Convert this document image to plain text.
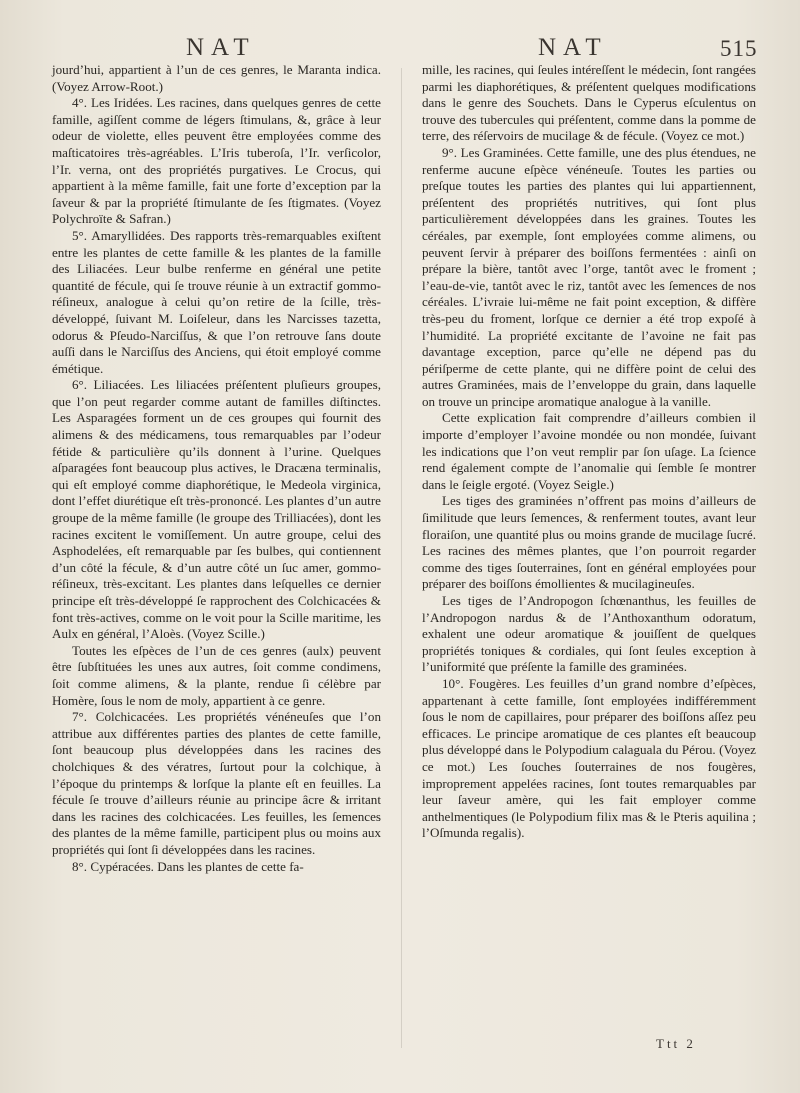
NAT	NAT	515

jourd’hui, appartient à l’un de ces genres, le Maranta indica. (Voyez Arrow-Root.)

4°. Les Iridées. Les racines, dans quelques genres de cette famille, agiſſent comme de légers ſtimulans, &, grâce à leur odeur de violette, elles peuvent être employées comme des maſticatoires très-agréables. L’Iris tuberoſa, l’Ir. verſicolor, l’Ir. verna, ont des propriétés purgatives. Le Crocus, qui appartient à la même famille, fait une forte d’exception par la ſaveur & par la propriété ſtimulante de ſes ſtigmates. (Voyez Polychroïte & Safran.)

5°. Amaryllidées. Des rapports très-remarquables exiſtent entre les plantes de cette famille & les plantes de la famille des Liliacées. Leur bulbe renferme en général une petite quantité de fécule, qui ſe trouve réunie à un extractif gommo-réſineux, analogue à celui qu’on retire de la ſcille, très-développé, ſuivant M. Loiſeleur, dans les Narcisses tazetta, odorus & Pſeudo-Narciſſus, & que l’on retrouve ſans doute auſſi dans le Narciſſus des Anciens, qui étoit employé comme émétique.

6°. Liliacées. Les liliacées préſentent pluſieurs groupes, que l’on peut regarder comme autant de familles diſtinctes. Les Asparagées forment un de ces groupes qui fournit des alimens & des médicamens, tous remarquables par l’odeur fétide & particulière qu’ils donnent à l’urine. Quelques aſparagées font beaucoup plus actives, le Dracæna terminalis, qui eſt employé comme diaphorétique, le Medeola virginica, dont l’effet diurétique eſt très-prononcé. Les plantes d’un autre groupe de la même famille (le groupe des Trilliacées), dont les racines excitent le vomiſſement. Un autre groupe, celui des Asphodelées, eſt remarquable par ſes bulbes, qui contiennent d’un côté la fécule, & d’un autre côté un ſuc amer, gommo-réſineux, très-excitant. Les plantes dans leſquelles ce dernier principe eſt très-développé ſe rapprochent des Colchicacées & font très-actives, comme on le voit pour la Scille maritime, les Aulx en général, l’Aloès. (Voyez Scille.)

Toutes les eſpèces de l’un de ces genres (aulx) peuvent être ſubſtituées les unes aux autres, ſoit comme condimens, ſoit comme alimens, & la plante, rendue ſi célèbre par Homère, ſous le nom de moly, appartient à ce genre.

7°. Colchicacées. Les propriétés vénéneuſes que l’on attribue aux différentes parties des plantes de cette famille, ſont beaucoup plus développées dans les racines des cholchiques & des vératres, ſurtout pour la colchique, à l’époque du printemps & lorſque la plante eſt en feuilles. La fécule ſe trouve d’ailleurs réunie au principe âcre & irritant dans les racines des colchicacées. Les feuilles, les ſemences des plantes de la même famille, participent plus ou moins aux propriétés qui ſont ſi développées dans les racines.

8°. Cypéracées. Dans les plantes de cette fa-

mille, les racines, qui ſeules intéreſſent le médecin, ſont rangées parmi les diaphorétiques, & préſentent quelques modifications dans le genre des Souchets. Dans le Cyperus eſculentus on trouve des tubercules qui préſentent, comme dans la pomme de terre, des réſervoirs de mucilage & de fécule. (Voyez ce mot.)

9°. Les Graminées. Cette famille, une des plus étendues, ne renferme aucune eſpèce vénéneuſe. Toutes les parties ou preſque toutes les parties des plantes qui lui appartiennent, préſentent des propriétés nutritives, qui ſont plus particulièrement développées dans les graines. Toutes les céréales, par exemple, ſont employées comme alimens, ou peuvent ſervir à préparer des boiſſons fermentées : ainſi on prépare la bière, tantôt avec l’orge, tantôt avec le froment ; l’eau-de-vie, tantôt avec le riz, tantôt avec les ſemences de nos céréales. L’ivraie lui-même ne fait point exception, & diffère très-peu du froment, lorſque ce dernier a été trop expoſé à l’humidité. La propriété excitante de l’avoine ne fait pas davantage exception, parce qu’elle ne dépend pas du périſperme de cette plante, qui ne diffère point de celui des autres Graminées, mais de l’enveloppe du grain, dans laquelle on trouve un principe aromatique analogue à la vanille.

Cette explication fait comprendre d’ailleurs combien il importe d’employer l’avoine mondée ou non mondée, ſuivant les indications que l’on veut remplir par ſon uſage. La ſcience rend également compte de l’anomalie qui ſemble ſe montrer dans le ſeigle ergoté. (Voyez Seigle.)

Les tiges des graminées n’offrent pas moins d’ailleurs de ſimilitude que leurs ſemences, & renferment toutes, avant leur floraiſon, une quantité plus ou moins grande de mucilage ſucré. Les racines des mêmes plantes, que l’on pourroit regarder comme des tiges ſouterraines, ſont en général employées pour préparer des boiſſons émollientes & mucilagineuſes.

Les tiges de l’Andropogon ſchœnanthus, les feuilles de l’Andropogon nardus & de l’Anthoxanthum odoratum, exhalent une odeur aromatique & jouiſſent de quelques propriétés toniques & cordiales, qui ſont ſeules exception à l’uniformité que préſente la famille des graminées.

10°. Fougères. Les feuilles d’un grand nombre d’eſpèces, appartenant à cette famille, ſont employées indifféremment ſous le nom de capillaires, pour préparer des boiſſons aſſez peu efficaces. Le principe aromatique de ces plantes eſt beaucoup plus développé dans le Polypodium calaguala du Pérou. (Voyez ce mot.) Les ſouches ſouterraines de nos fougères, improprement appelées racines, ſont toutes remarquables par leur ſaveur amère, qui les fait employer comme anthelmentiques (le Polypodium filix mas & le Pteris aquilina ; l’Oſmunda regalis).

Ttt 2
